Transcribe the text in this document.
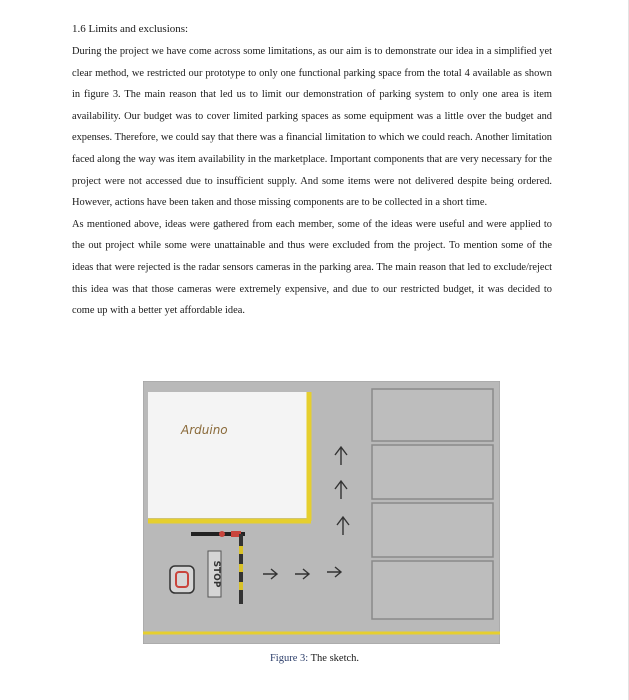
1.6 Limits and exclusions:

During the project we have come across some limitations, as our aim is to demonstrate our idea in a simplified yet clear method, we restricted our prototype to only one functional parking space from the total 4 available as shown in figure 3. The main reason that led us to limit our demonstration of parking system to only one area is item availability. Our budget was to cover limited parking spaces as some equipment was a little over the budget and expenses. Therefore, we could say that there was a financial limitation to which we could reach. Another limitation faced along the way was item availability in the marketplace. Important components that are very necessary for the project were not accessed due to insufficient supply. And some items were not delivered despite being ordered. However, actions have been taken and those missing components are to be collected in a short time.

As mentioned above, ideas were gathered from each member, some of the ideas were useful and were applied to the out project while some were unattainable and thus were excluded from the project. To mention some of the ideas that were rejected is the radar sensors cameras in the parking area. The main reason that led to exclude/reject this idea was that those cameras were extremely expensive, and due to our restricted budget, it was decided to come up with a better yet affordable idea.

Arduino
STOP
Figure 3: The sketch.
